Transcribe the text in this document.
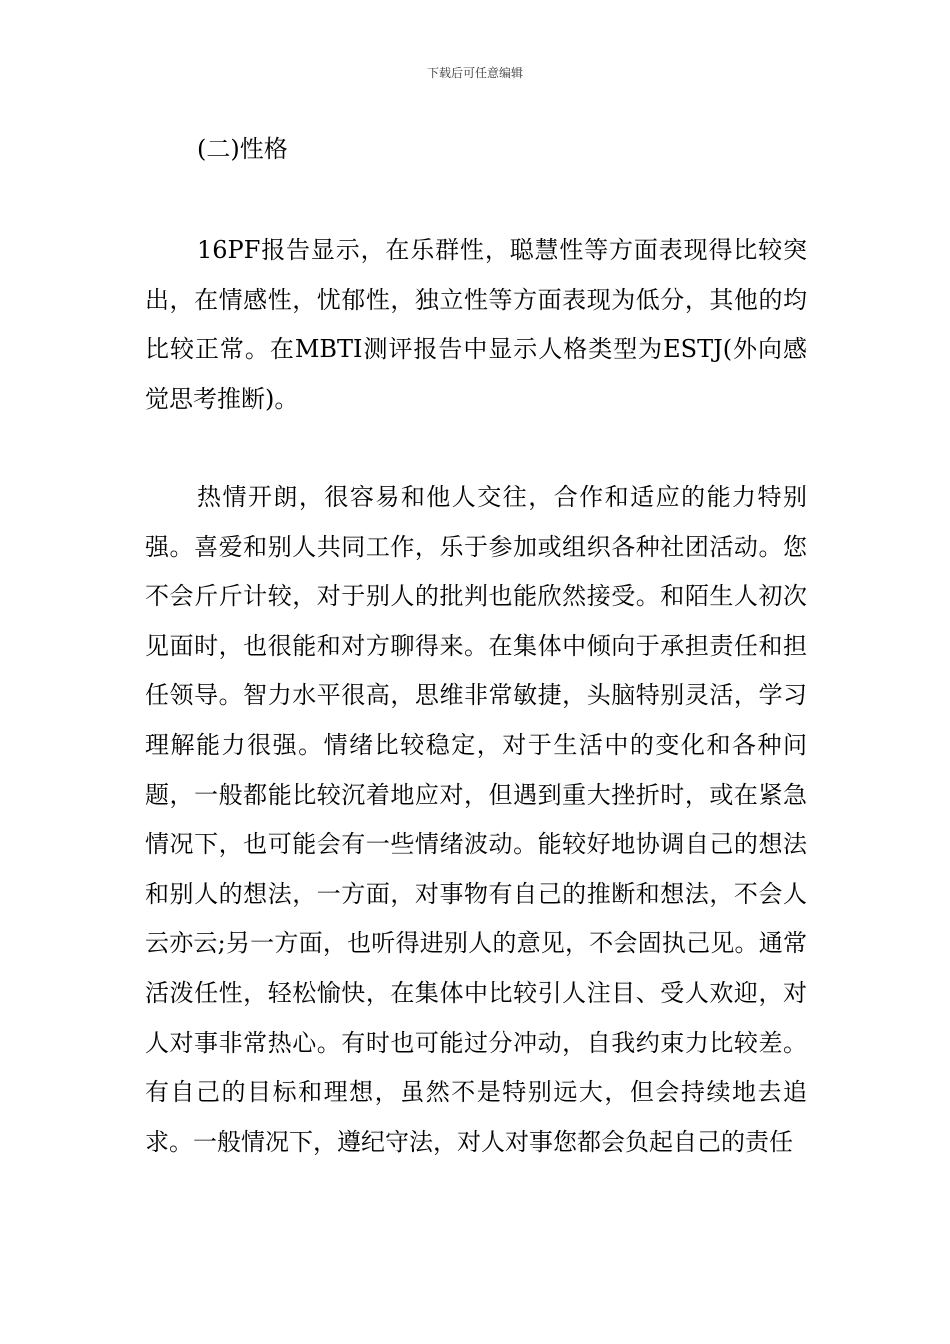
下载后可任意编辑
(二)性格

16PF报告显示，在乐群性，聪慧性等方面表现得比较突出，在情感性，忧郁性，独立性等方面表现为低分，其他的均比较正常。在MBTI测评报告中显示人格类型为ESTJ(外向感觉思考推断)。

热情开朗，很容易和他人交往，合作和适应的能力特别强。喜爱和别人共同工作，乐于参加或组织各种社团活动。您不会斤斤计较，对于别人的批判也能欣然接受。和陌生人初次见面时，也很能和对方聊得来。在集体中倾向于承担责任和担任领导。智力水平很高，思维非常敏捷，头脑特别灵活，学习理解能力很强。情绪比较稳定，对于生活中的变化和各种问题，一般都能比较沉着地应对，但遇到重大挫折时，或在紧急情况下，也可能会有一些情绪波动。能较好地协调自己的想法和别人的想法，一方面，对事物有自己的推断和想法，不会人云亦云;另一方面，也听得进别人的意见，不会固执己见。通常活泼任性，轻松愉快，在集体中比较引人注目、受人欢迎，对人对事非常热心。有时也可能过分冲动，自我约束力比较差。有自己的目标和理想，虽然不是特别远大，但会持续地去追求。一般情况下，遵纪守法，对人对事您都会负起自己的责任
